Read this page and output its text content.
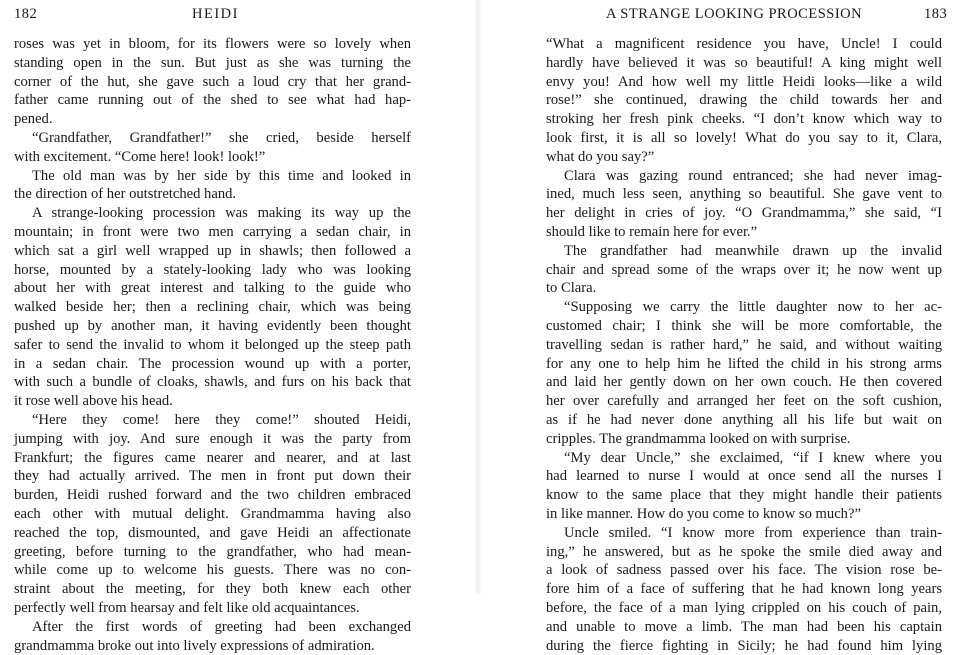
182	HEIDI
roses was yet in bloom, for its flowers were so lovely when
standing open in the sun. But just as she was turning the
corner of the hut, she gave such a loud cry that her grand-
father came running out of the shed to see what had hap-
pened.
“Grandfather, Grandfather!” she cried, beside herself
with excitement. “Come here! look! look!”
The old man was by her side by this time and looked in
the direction of her outstretched hand.
A strange-looking procession was making its way up the
mountain; in front were two men carrying a sedan chair, in
which sat a girl well wrapped up in shawls; then followed a
horse, mounted by a stately-looking lady who was looking
about her with great interest and talking to the guide who
walked beside her; then a reclining chair, which was being
pushed up by another man, it having evidently been thought
safer to send the invalid to whom it belonged up the steep path
in a sedan chair. The procession wound up with a porter,
with such a bundle of cloaks, shawls, and furs on his back that
it rose well above his head.
“Here they come! here they come!” shouted Heidi,
jumping with joy. And sure enough it was the party from
Frankfurt; the figures came nearer and nearer, and at last
they had actually arrived. The men in front put down their
burden, Heidi rushed forward and the two children embraced
each other with mutual delight. Grandmamma having also
reached the top, dismounted, and gave Heidi an affectionate
greeting, before turning to the grandfather, who had mean-
while come up to welcome his guests. There was no con-
straint about the meeting, for they both knew each other
perfectly well from hearsay and felt like old acquaintances.
After the first words of greeting had been exchanged
grandmamma broke out into lively expressions of admiration.
A STRANGE LOOKING PROCESSION	183
“What a magnificent residence you have, Uncle! I could
hardly have believed it was so beautiful! A king might well
envy you! And how well my little Heidi looks—like a wild
rose!” she continued, drawing the child towards her and
stroking her fresh pink cheeks. “I don’t know which way to
look first, it is all so lovely! What do you say to it, Clara,
what do you say?”
Clara was gazing round entranced; she had never imag-
ined, much less seen, anything so beautiful. She gave vent to
her delight in cries of joy. “O Grandmamma,” she said, “I
should like to remain here for ever.”
The grandfather had meanwhile drawn up the invalid
chair and spread some of the wraps over it; he now went up
to Clara.
“Supposing we carry the little daughter now to her ac-
customed chair; I think she will be more comfortable, the
travelling sedan is rather hard,” he said, and without waiting
for any one to help him he lifted the child in his strong arms
and laid her gently down on her own couch. He then covered
her over carefully and arranged her feet on the soft cushion,
as if he had never done anything all his life but wait on
cripples. The grandmamma looked on with surprise.
“My dear Uncle,” she exclaimed, “if I knew where you
had learned to nurse I would at once send all the nurses I
know to the same place that they might handle their patients
in like manner. How do you come to know so much?”
Uncle smiled. “I know more from experience than train-
ing,” he answered, but as he spoke the smile died away and
a look of sadness passed over his face. The vision rose be-
fore him of a face of suffering that he had known long years
before, the face of a man lying crippled on his couch of pain,
and unable to move a limb. The man had been his captain
during the fierce fighting in Sicily; he had found him lying
